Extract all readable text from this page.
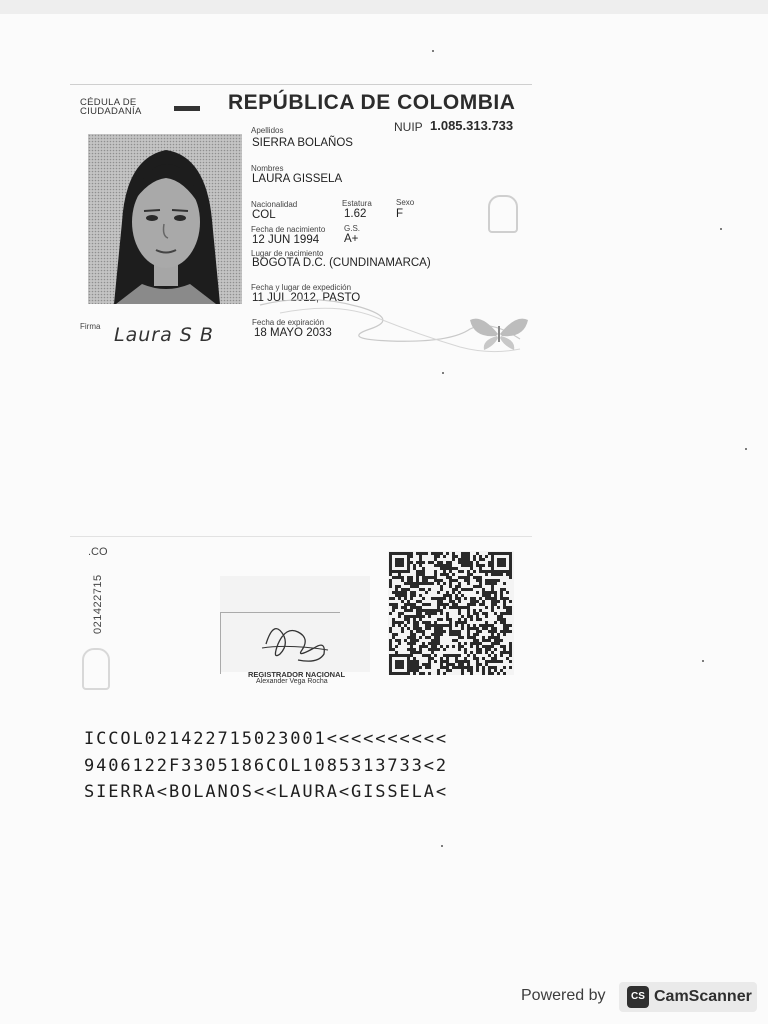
CÉDULA DE
CIUDADANÍA	REPÚBLICA DE COLOMBIA
NUIP 1.085.313.733
Apellidos
SIERRA BOLAÑOS
Nombres
LAURA GISSELA
Nacionalidad
COL
Estatura
1.62
Sexo
F
Fecha de nacimiento
12 JUN 1994
G.S.
A+
Lugar de nacimiento
BOGOTA D.C. (CUNDINAMARCA)
Fecha y lugar de expedición
11 JUL 2012, PASTO
Firma Laura S B
Fecha de expiración
18 MAYO 2033
.CO
021422715
REGISTRADOR NACIONAL
Alexander Vega Rocha
ICCOL021422715023001<<<<<<<<<<
9406122F3305186COL1085313733<2
SIERRA<BOLANOS<<LAURA<GISSELA<
Powered by	CS CamScanner
